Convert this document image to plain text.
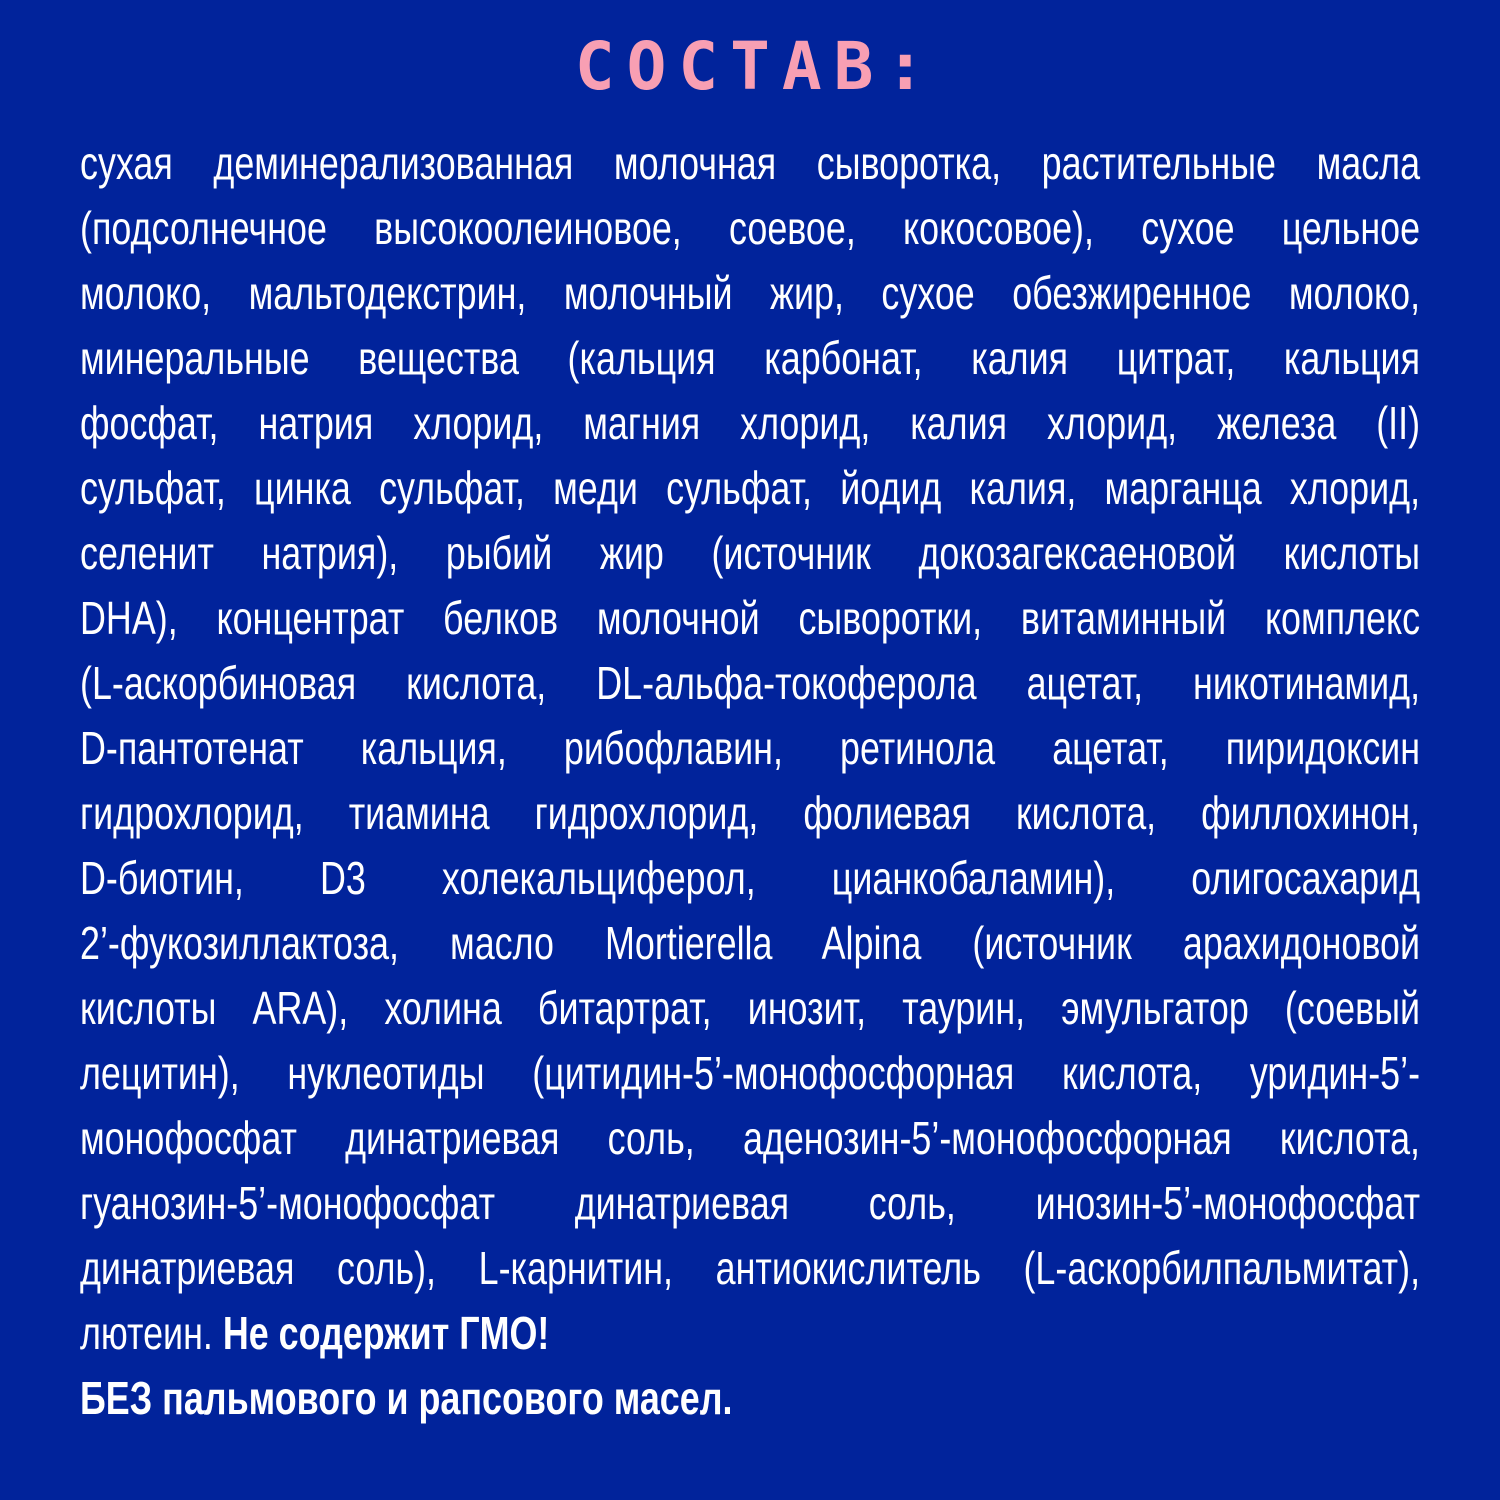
СОСТАВ:
сухая деминерализованная молочная сыворотка, растительные масла
(подсолнечное высокоолеиновое, соевое, кокосовое), сухое цельное
молоко, мальтодекстрин, молочный жир, сухое обезжиренное молоко,
минеральные вещества (кальция карбонат, калия цитрат, кальция
фосфат, натрия хлорид, магния хлорид, калия хлорид, железа (II)
сульфат, цинка сульфат, меди сульфат, йодид калия, марганца хлорид,
селенит натрия), рыбий жир (источник докозагексаеновой кислоты
DHA), концентрат белков молочной сыворотки, витаминный комплекс
(L-аскорбиновая кислота, DL-альфа-токоферола ацетат, никотинамид,
D-пантотенат кальция, рибофлавин, ретинола ацетат, пиридоксин
гидрохлорид, тиамина гидрохлорид, фолиевая кислота, филлохинон,
D-биотин, D3 холекальциферол, цианкобаламин), олигосахарид
2’-фукозиллактоза, масло Mortierella Alpina (источник арахидоновой
кислоты ARA), холина битартрат, инозит, таурин, эмульгатор (соевый
лецитин), нуклеотиды (цитидин-5’-монофосфорная кислота, уридин-5’-
монофосфат динатриевая соль, аденозин-5’-монофосфорная кислота,
гуанозин-5’-монофосфат динатриевая соль, инозин-5’-монофосфат
динатриевая соль), L-карнитин, антиокислитель (L-аскорбилпальмитат),
лютеин. Не содержит ГМО!
БЕЗ пальмового и рапсового масел.
